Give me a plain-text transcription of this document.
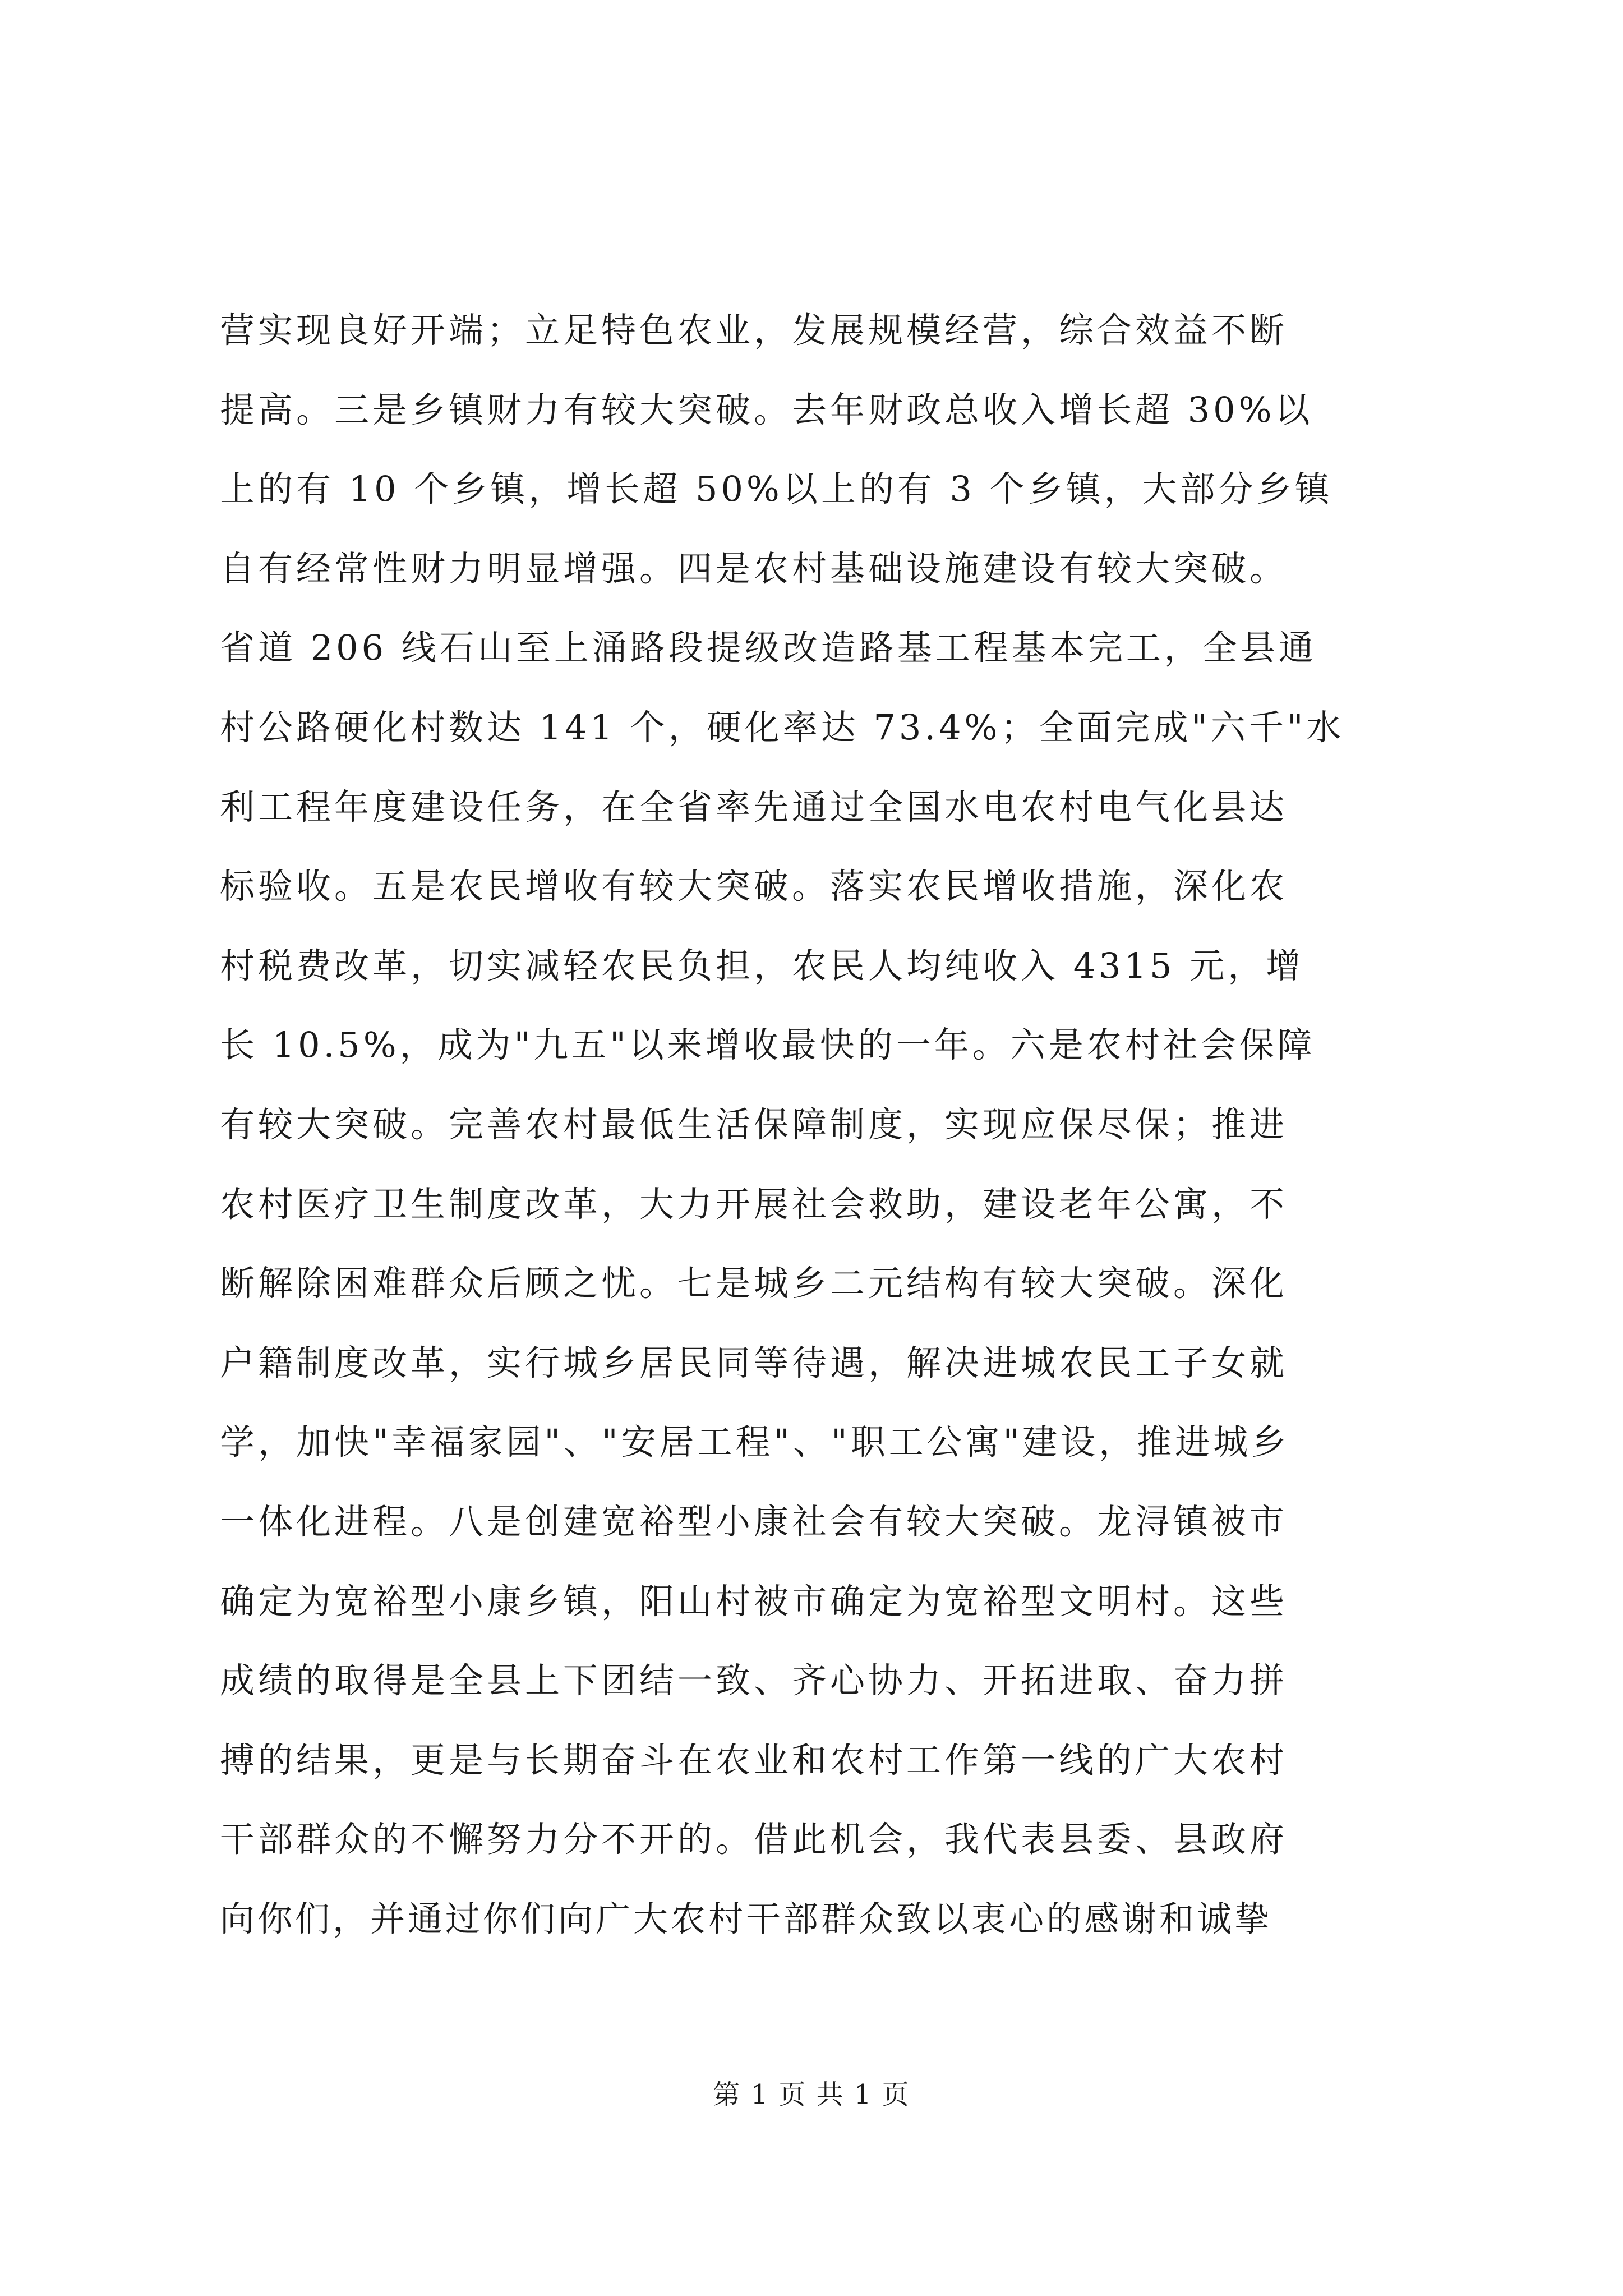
营实现良好开端；立足特色农业，发展规模经营，综合效益不断
提高。三是乡镇财力有较大突破。去年财政总收入增长超 30%以
上的有 10 个乡镇，增长超 50%以上的有 3 个乡镇，大部分乡镇
自有经常性财力明显增强。四是农村基础设施建设有较大突破。
省道 206 线石山至上涌路段提级改造路基工程基本完工，全县通
村公路硬化村数达 141 个，硬化率达 73.4%；全面完成"六千"水
利工程年度建设任务，在全省率先通过全国水电农村电气化县达
标验收。五是农民增收有较大突破。落实农民增收措施，深化农
村税费改革，切实减轻农民负担，农民人均纯收入 4315 元，增
长 10.5%，成为"九五"以来增收最快的一年。六是农村社会保障
有较大突破。完善农村最低生活保障制度，实现应保尽保；推进
农村医疗卫生制度改革，大力开展社会救助，建设老年公寓，不
断解除困难群众后顾之忧。七是城乡二元结构有较大突破。深化
户籍制度改革，实行城乡居民同等待遇，解决进城农民工子女就
学，加快"幸福家园"、"安居工程"、"职工公寓"建设，推进城乡
一体化进程。八是创建宽裕型小康社会有较大突破。龙浔镇被市
确定为宽裕型小康乡镇，阳山村被市确定为宽裕型文明村。这些
成绩的取得是全县上下团结一致、齐心协力、开拓进取、奋力拼
搏的结果，更是与长期奋斗在农业和农村工作第一线的广大农村
干部群众的不懈努力分不开的。借此机会，我代表县委、县政府
向你们，并通过你们向广大农村干部群众致以衷心的感谢和诚挚
第 1 页 共 1 页
